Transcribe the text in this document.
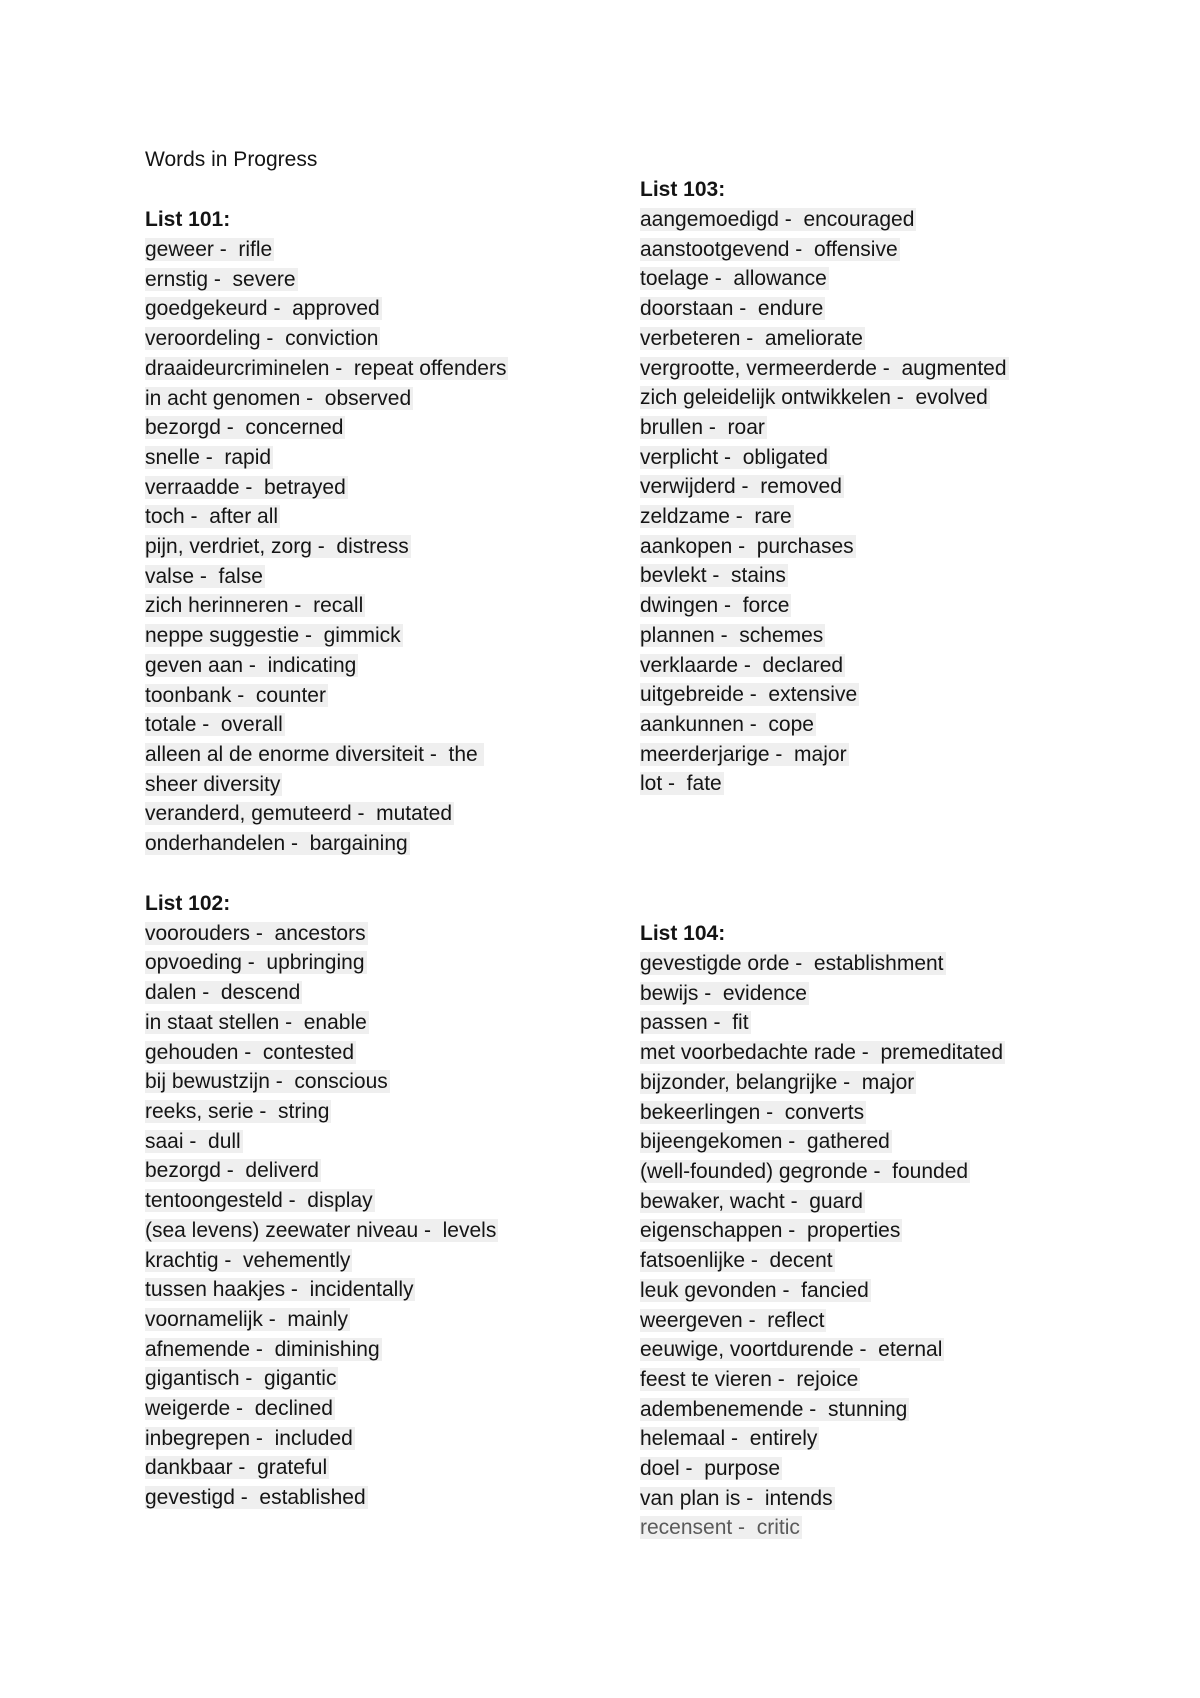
Words in Progress
List 101:
geweer -  rifle
ernstig -  severe
goedgekeurd -  approved
veroordeling -  conviction
draaideurcriminelen -  repeat offenders
in acht genomen -  observed
bezorgd -  concerned
snelle -  rapid
verraadde -  betrayed
toch -  after all
pijn, verdriet, zorg -  distress
valse -  false
zich herinneren -  recall
neppe suggestie -  gimmick
geven aan -  indicating
toonbank -  counter
totale -  overall
alleen al de enorme diversiteit -  the sheer diversity
veranderd, gemuteerd -  mutated
onderhandelen -  bargaining
List 102:
voorouders -  ancestors
opvoeding -  upbringing
dalen -  descend
in staat stellen -  enable
gehouden -  contested
bij bewustzijn -  conscious
reeks, serie -  string
saai -  dull
bezorgd -  deliverd
tentoongesteld -  display
(sea levens) zeewater niveau -  levels
krachtig -  vehemently
tussen haakjes -  incidentally
voornamelijk -  mainly
afnemende -  diminishing
gigantisch -  gigantic
weigerde -  declined
inbegrepen -  included
dankbaar -  grateful
gevestigd -  established
List 103:
aangemoedigd -  encouraged
aanstootgevend -  offensive
toelage -  allowance
doorstaan -  endure
verbeteren -  ameliorate
vergrootte, vermeerderde -  augmented
zich geleidelijk ontwikkelen -  evolved
brullen -  roar
verplicht -  obligated
verwijderd -  removed
zeldzame -  rare
aankopen -  purchases
bevlekt -  stains
dwingen -  force
plannen -  schemes
verklaarde -  declared
uitgebreide -  extensive
aankunnen -  cope
meerderjarige -  major
lot -  fate
List 104:
gevestigde orde -  establishment
bewijs -  evidence
passen -  fit
met voorbedachte rade -  premeditated
bijzonder, belangrijke -  major
bekeerlingen -  converts
bijeengekomen -  gathered
(well-founded) gegronde -  founded
bewaker, wacht -  guard
eigenschappen -  properties
fatsoenlijke -  decent
leuk gevonden -  fancied
weergeven -  reflect
eeuwige, voortdurende -  eternal
feest te vieren -  rejoice
adembenemende -  stunning
helemaal -  entirely
doel -  purpose
van plan is -  intends
recensent -  critic
